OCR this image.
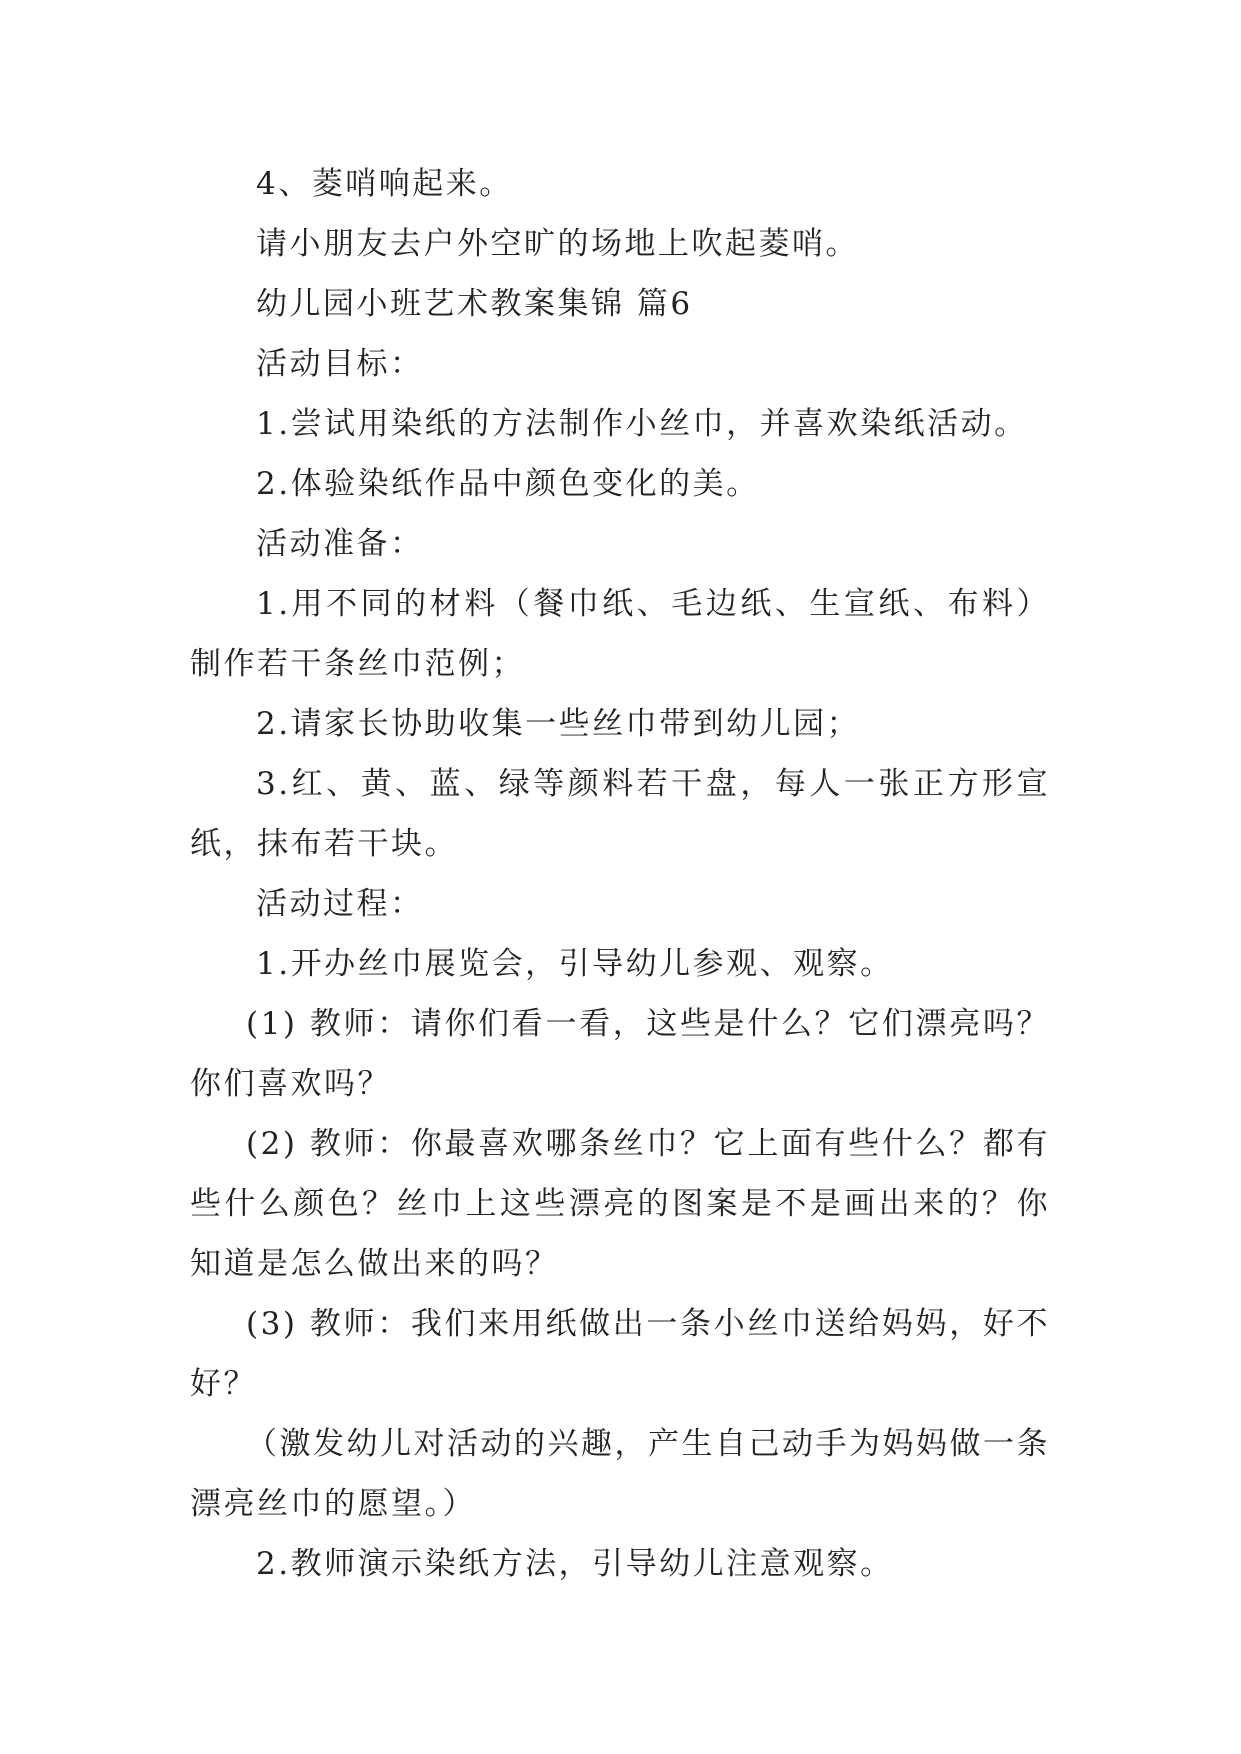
4、菱哨响起来。

请小朋友去户外空旷的场地上吹起菱哨。

幼儿园小班艺术教案集锦 篇6

活动目标：

1.尝试用染纸的方法制作小丝巾，并喜欢染纸活动。

2.体验染纸作品中颜色变化的美。

活动准备：

1.用不同的材料（餐巾纸、毛边纸、生宣纸、布料）制作若干条丝巾范例；

2.请家长协助收集一些丝巾带到幼儿园；

3.红、黄、蓝、绿等颜料若干盘，每人一张正方形宣纸，抹布若干块。

活动过程：

1.开办丝巾展览会，引导幼儿参观、观察。

(1) 教师：请你们看一看，这些是什么？它们漂亮吗？你们喜欢吗？

(2) 教师：你最喜欢哪条丝巾？它上面有些什么？都有些什么颜色？丝巾上这些漂亮的图案是不是画出来的？你知道是怎么做出来的吗？

(3) 教师：我们来用纸做出一条小丝巾送给妈妈，好不好？

（激发幼儿对活动的兴趣，产生自己动手为妈妈做一条漂亮丝巾的愿望。）

2.教师演示染纸方法，引导幼儿注意观察。
